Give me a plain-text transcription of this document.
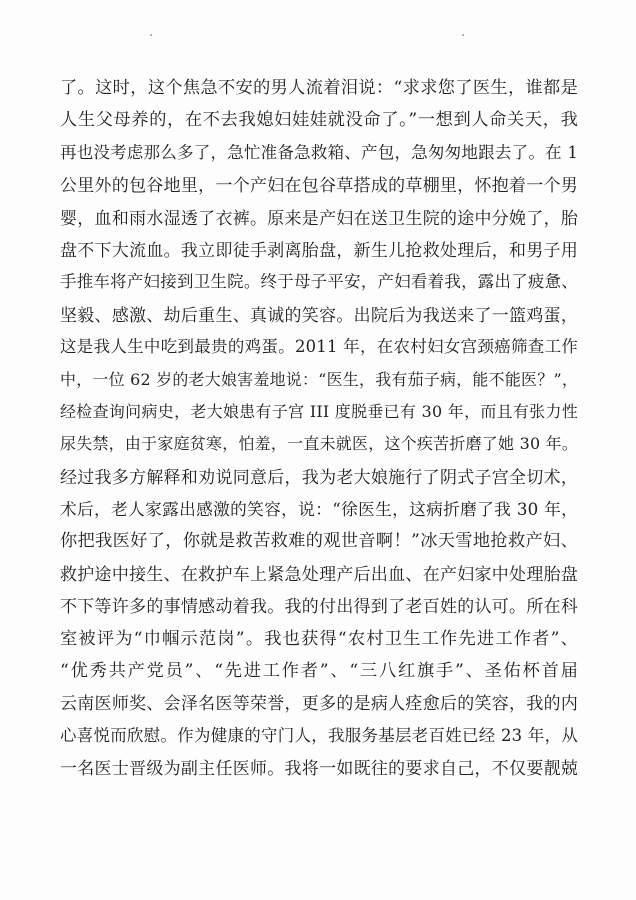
了。这时，这个焦急不安的男人流着泪说：“求求您了医生，谁都是
人生父母养的，在不去我媳妇娃娃就没命了。”一想到人命关天，我
再也没考虑那么多了，急忙准备急救箱、产包，急匆匆地跟去了。在 1
公里外的包谷地里，一个产妇在包谷草搭成的草棚里，怀抱着一个男
婴，血和雨水湿透了衣裤。原来是产妇在送卫生院的途中分娩了，胎
盘不下大流血。我立即徒手剥离胎盘，新生儿抢救处理后，和男子用
手推车将产妇接到卫生院。终于母子平安，产妇看着我，露出了疲惫、
坚毅、感激、劫后重生、真诚的笑容。出院后为我送来了一篮鸡蛋，
这是我人生中吃到最贵的鸡蛋。2011 年，在农村妇女宫颈癌筛查工作
中，一位 62 岁的老大娘害羞地说：“医生，我有茄子病，能不能医？”，
经检查询问病史，老大娘患有子宫 III 度脱垂已有 30 年，而且有张力性
尿失禁，由于家庭贫寒，怕羞，一直未就医，这个疾苦折磨了她 30 年。
经过我多方解释和劝说同意后，我为老大娘施行了阴式子宫全切术，
术后，老人家露出感激的笑容，说：“徐医生，这病折磨了我 30 年，
你把我医好了，你就是救苦救难的观世音啊！”冰天雪地抢救产妇、
救护途中接生、在救护车上紧急处理产后出血、在产妇家中处理胎盘
不下等许多的事情感动着我。我的付出得到了老百姓的认可。所在科
室被评为“巾帼示范岗”。我也获得“农村卫生工作先进工作者”、
“优秀共产党员”、“先进工作者”、“三八红旗手”、圣佑杯首届
云南医师奖、会泽名医等荣誉，更多的是病人痊愈后的笑容，我的内
心喜悦而欣慰。作为健康的守门人，我服务基层老百姓已经 23 年，从
一名医士晋级为副主任医师。我将一如既往的要求自己，不仅要靓兢
